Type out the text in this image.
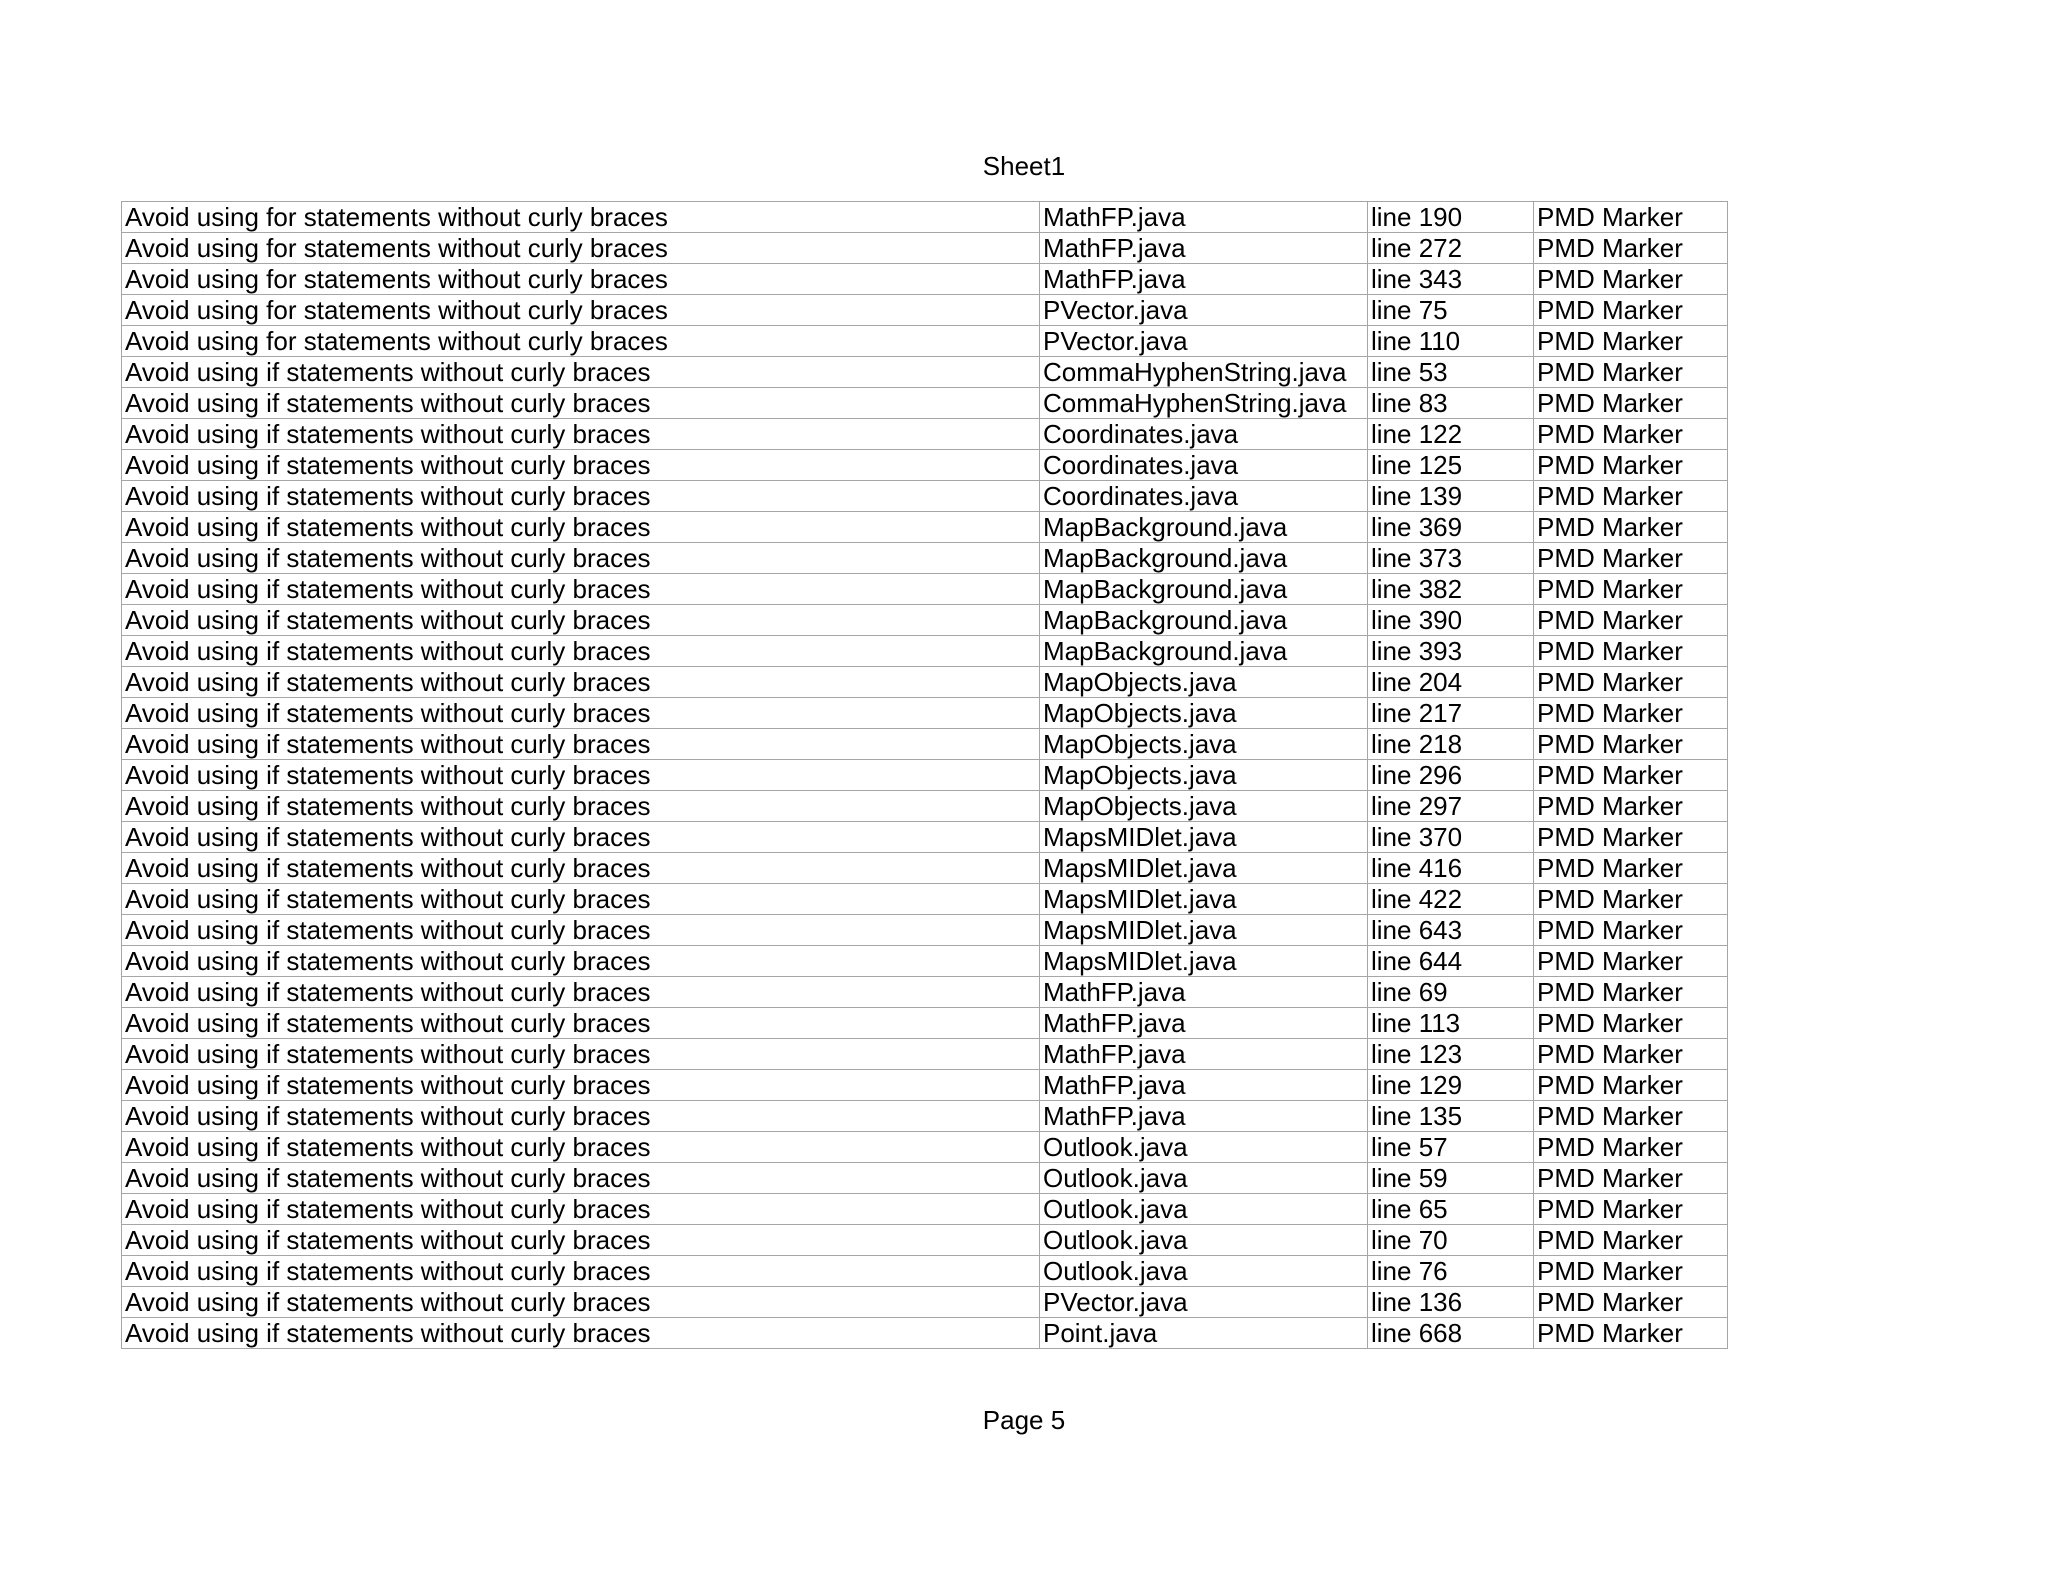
Sheet1
Avoid using for statements without curly braces	MathFP.java	line 190	PMD Marker
Avoid using for statements without curly braces	MathFP.java	line 272	PMD Marker
Avoid using for statements without curly braces	MathFP.java	line 343	PMD Marker
Avoid using for statements without curly braces	PVector.java	line 75	PMD Marker
Avoid using for statements without curly braces	PVector.java	line 110	PMD Marker
Avoid using if statements without curly braces	CommaHyphenString.java	line 53	PMD Marker
Avoid using if statements without curly braces	CommaHyphenString.java	line 83	PMD Marker
Avoid using if statements without curly braces	Coordinates.java	line 122	PMD Marker
Avoid using if statements without curly braces	Coordinates.java	line 125	PMD Marker
Avoid using if statements without curly braces	Coordinates.java	line 139	PMD Marker
Avoid using if statements without curly braces	MapBackground.java	line 369	PMD Marker
Avoid using if statements without curly braces	MapBackground.java	line 373	PMD Marker
Avoid using if statements without curly braces	MapBackground.java	line 382	PMD Marker
Avoid using if statements without curly braces	MapBackground.java	line 390	PMD Marker
Avoid using if statements without curly braces	MapBackground.java	line 393	PMD Marker
Avoid using if statements without curly braces	MapObjects.java	line 204	PMD Marker
Avoid using if statements without curly braces	MapObjects.java	line 217	PMD Marker
Avoid using if statements without curly braces	MapObjects.java	line 218	PMD Marker
Avoid using if statements without curly braces	MapObjects.java	line 296	PMD Marker
Avoid using if statements without curly braces	MapObjects.java	line 297	PMD Marker
Avoid using if statements without curly braces	MapsMIDlet.java	line 370	PMD Marker
Avoid using if statements without curly braces	MapsMIDlet.java	line 416	PMD Marker
Avoid using if statements without curly braces	MapsMIDlet.java	line 422	PMD Marker
Avoid using if statements without curly braces	MapsMIDlet.java	line 643	PMD Marker
Avoid using if statements without curly braces	MapsMIDlet.java	line 644	PMD Marker
Avoid using if statements without curly braces	MathFP.java	line 69	PMD Marker
Avoid using if statements without curly braces	MathFP.java	line 113	PMD Marker
Avoid using if statements without curly braces	MathFP.java	line 123	PMD Marker
Avoid using if statements without curly braces	MathFP.java	line 129	PMD Marker
Avoid using if statements without curly braces	MathFP.java	line 135	PMD Marker
Avoid using if statements without curly braces	Outlook.java	line 57	PMD Marker
Avoid using if statements without curly braces	Outlook.java	line 59	PMD Marker
Avoid using if statements without curly braces	Outlook.java	line 65	PMD Marker
Avoid using if statements without curly braces	Outlook.java	line 70	PMD Marker
Avoid using if statements without curly braces	Outlook.java	line 76	PMD Marker
Avoid using if statements without curly braces	PVector.java	line 136	PMD Marker
Avoid using if statements without curly braces	Point.java	line 668	PMD Marker
Page 5
